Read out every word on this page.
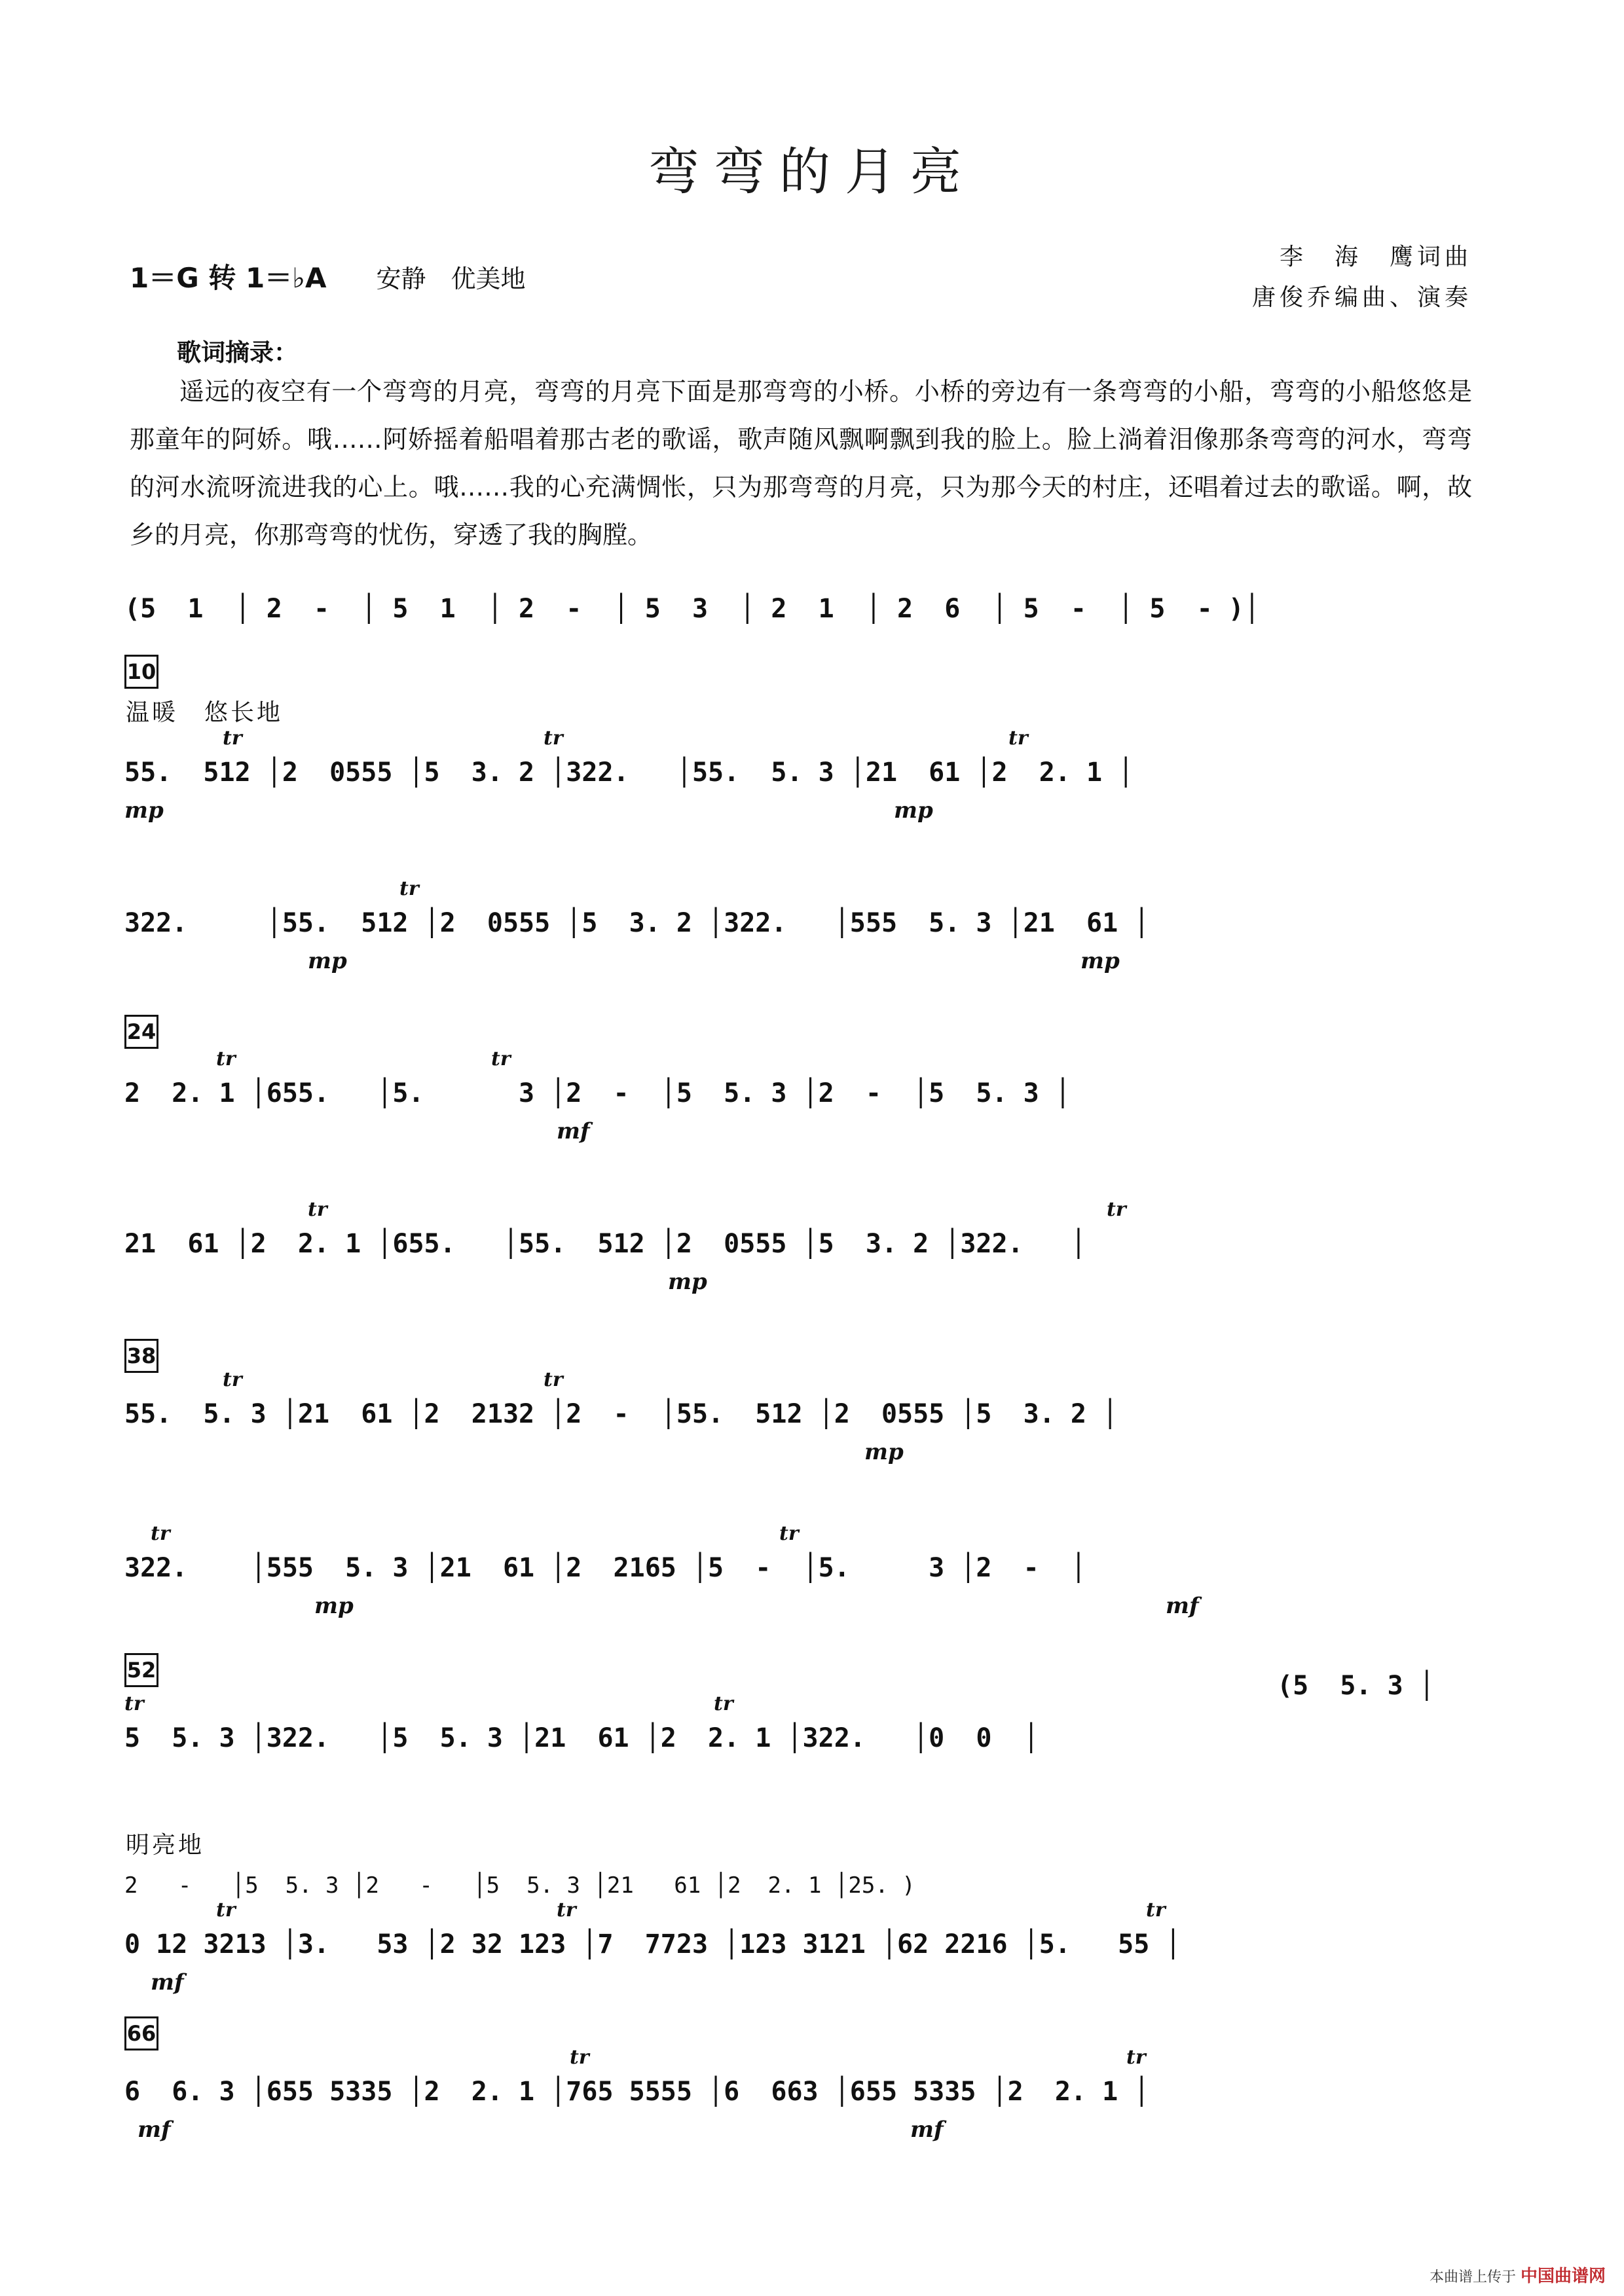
弯弯的月亮
1＝G 转 1＝♭A　　 安静　优美地
李　海　鹰词曲
唐俊乔编曲、演奏
歌词摘录：
遥远的夜空有一个弯弯的月亮，弯弯的月亮下面是那弯弯的小桥。小桥的旁边有一条弯弯的小船，弯弯的小船悠悠是那童年的阿娇。哦……阿娇摇着船唱着那古老的歌谣，歌声随风飘啊飘到我的脸上。脸上淌着泪像那条弯弯的河水，弯弯的河水流呀流进我的心上。哦……我的心充满惆怅，只为那弯弯的月亮，只为那今天的村庄，还唱着过去的歌谣。啊，故乡的月亮，你那弯弯的忧伤，穿透了我的胸膛。
(5  1  │ 2  -  │ 5  1  │ 2  -  │ 5  3  │ 2  1  │ 2  6  │ 5  -  │ 5  - )│
10
温暖　悠长地
55.  512 │2  0555 │5  3. 2 │322.   │55.  5. 3 │21  61 │2  2. 1 │
tr	tr	tr
mp	mp
322.     │55.  512 │2  0555 │5  3. 2 │322.   │555  5. 3 │21  61 │
tr
mp	mp
24
2  2. 1 │655.   │5.      3 │2  -  │5  5. 3 │2  -  │5  5. 3 │
tr	tr
mf
21  61 │2  2. 1 │655.   │55.  512 │2  0555 │5  3. 2 │322.   │
tr	tr
mp
38
55.  5. 3 │21  61 │2  2132 │2  -  │55.  512 │2  0555 │5  3. 2 │
tr	tr
mp
322.    │555  5. 3 │21  61 │2  2165 │5  -  │5.     3 │2  -  │
tr	tr
mp	mf
52
(5  5. 3 │
5  5. 3 │322.   │5  5. 3 │21  61 │2  2. 1 │322.   │0  0  │
tr	tr
明亮地
2   -   │5  5. 3 │2   -   │5  5. 3 │21   61 │2  2. 1 │25. )
0 12 3213 │3.   53 │2 32 123 │7  7723 │123 3121 │62 2216 │5.   55 │
tr	tr	tr
mf
66
6  6. 3 │655 5335 │2  2. 1 │765 5555 │6  663 │655 5335 │2  2. 1 │
tr	tr
mf	mf
本曲谱上传于 中国曲谱网
